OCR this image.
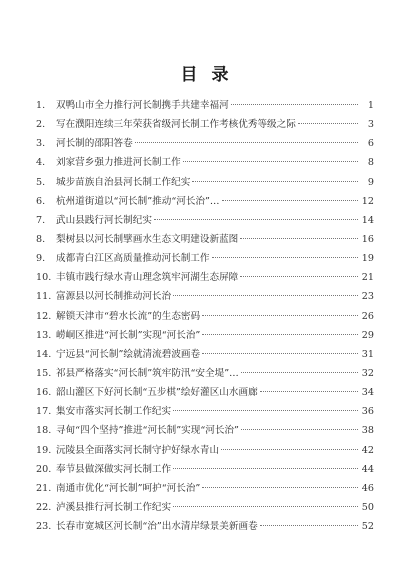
目录
1.	双鸭山市全力推行河长制携手共建幸福河	1
2.	写在濮阳连续三年荣获省级河长制工作考核优秀等级之际	3
3.	河长制的邵阳答卷	6
4.	刘家营乡强力推进河长制工作	8
5.	城步苗族自治县河长制工作纪实	9
6.	杭州道街道以“河长制”推动“河长治”…	12
7.	武山县践行河长制纪实	14
8.	梨树县以河长制擘画水生态文明建设新蓝图	16
9.	成都青白江区高质量推动河长制工作	19
10. 丰镇市践行绿水青山理念筑牢河湖生态屏障	21
11. 富源县以河长制推动河长治	23
12. 解锁天津市“碧水长流”的生态密码	26
13. 崂峒区推进“河长制”实现“河长治”	29
14. 宁远县“河长制”绘就清流碧波画卷	31
15. 祁县严格落实“河长制”筑牢防汛“安全堤”…	32
16. 韶山灌区下好河长制“五步棋”绘好灌区山水画廊	34
17. 集安市落实河长制工作纪实	36
18. 寻甸“四个坚持”推进“河长制”实现“河长治”	38
19. 沅陵县全面落实河长制守护好绿水青山	42
20. 奉节县做深做实河长制工作	44
21. 南通市优化“河长制”呵护“河长治”	46
22. 泸溪县推行河长制工作纪实	50
23. 长春市宽城区河长制“治”出水清岸绿景美新画卷	52
